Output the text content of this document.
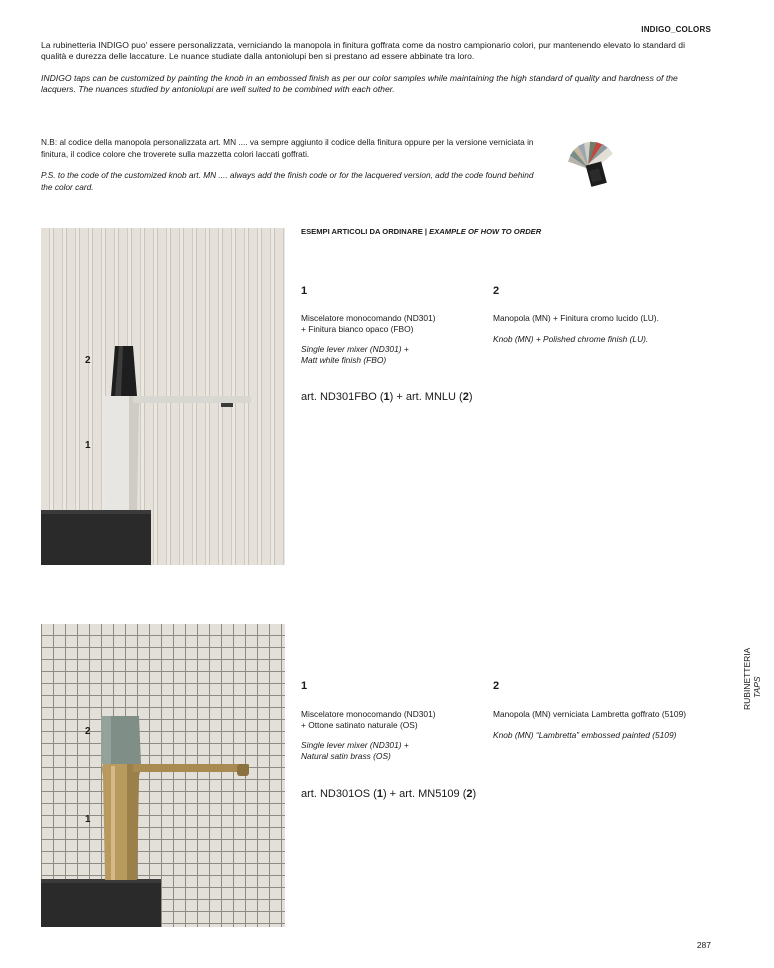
INDIGO_COLORS

La rubinetteria INDIGO puo' essere personalizzata, verniciando la manopola in finitura goffrata come da nostro campionario colori, pur mantenendo elevato lo standard di qualità e durezza delle laccature. Le nuance studiate dalla antoniolupi ben si prestano ad essere abbinate tra loro.

INDIGO taps can be customized by painting the knob in an embossed finish as per our color samples while maintaining the high standard of quality and hardness of the lacquers. The nuances studied by antoniolupi are well suited to be combined with each other.

N.B: al codice della manopola personalizzata art. MN .... va sempre aggiunto il codice della finitura oppure per la versione verniciata in finitura, il codice colore che troverete sulla mazzetta colori laccati goffrati.

P.S. to the code of the customized knob art. MN .... always add the finish code or for the lacquered version, add the code found behind the color card.

ESEMPI ARTICOLI DA ORDINARE | EXAMPLE OF HOW TO ORDER
2
1
1
Miscelatore monocomando (ND301)
+ Finitura bianco opaco (FBO)
Single lever mixer (ND301) +
Matt white finish (FBO)
2
Manopola (MN) + Finitura cromo lucido (LU).
Knob (MN) + Polished chrome finish (LU).
art. ND301FBO (1) + art. MNLU (2)
2
1
1
Miscelatore monocomando (ND301)
+ Ottone satinato naturale (OS)
Single lever mixer (ND301) +
Natural satin brass (OS)
2
Manopola (MN) verniciata Lambretta goffrato (5109)
Knob (MN) “Lambretta” embossed painted (5109)
art. ND301OS (1) + art. MN5109 (2)
RUBINETTERIA TAPS
287
